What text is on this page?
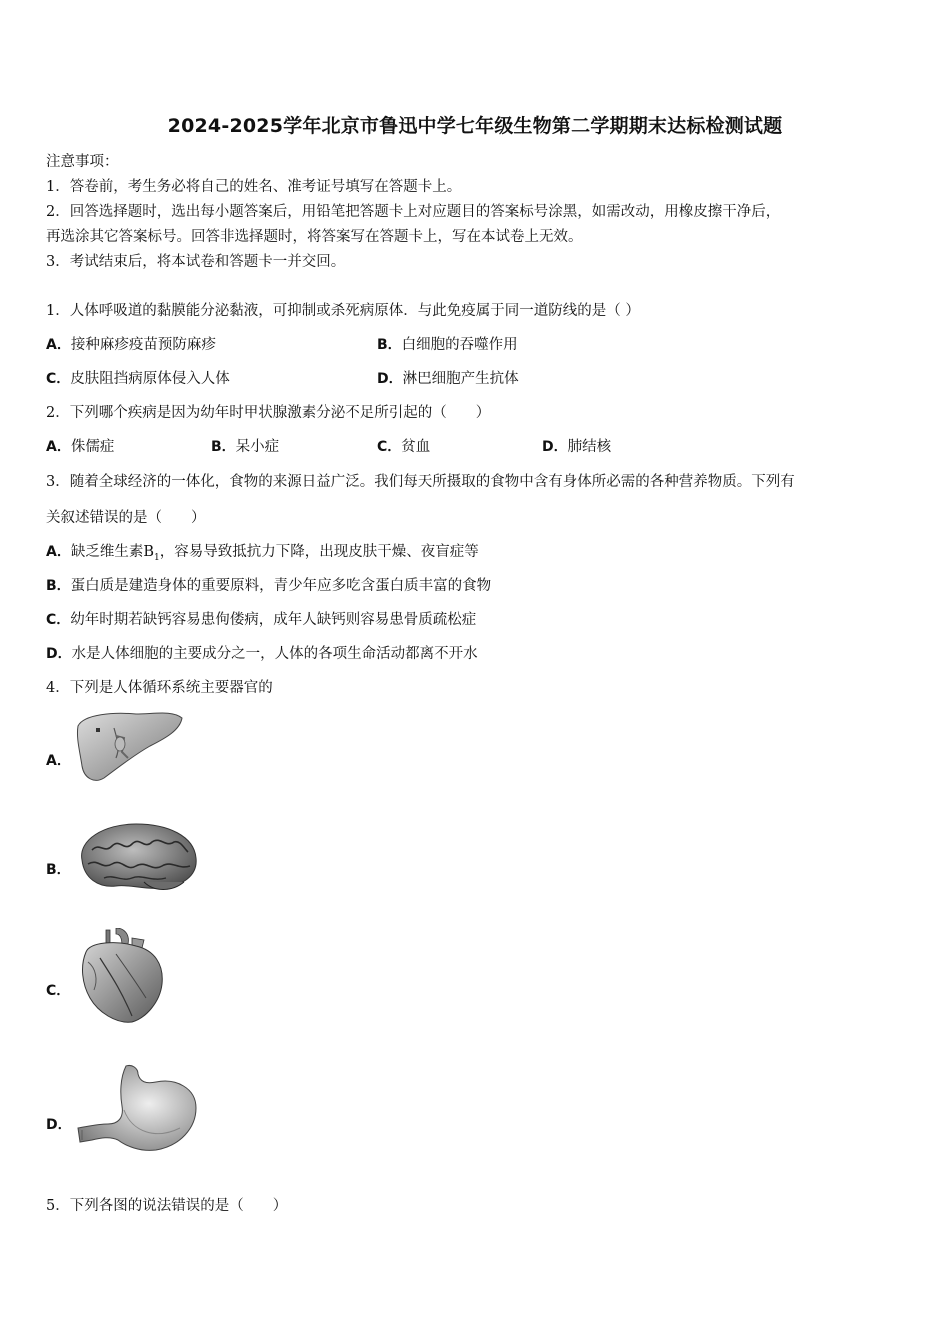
2024-2025学年北京市鲁迅中学七年级生物第二学期期末达标检测试题
注意事项：
1．答卷前，考生务必将自己的姓名、准考证号填写在答题卡上。
2．回答选择题时，选出每小题答案后，用铅笔把答题卡上对应题目的答案标号涂黑，如需改动，用橡皮擦干净后，
再选涂其它答案标号。回答非选择题时，将答案写在答题卡上，写在本试卷上无效。
3．考试结束后，将本试卷和答题卡一并交回。
1．人体呼吸道的黏膜能分泌黏液，可抑制或杀死病原体．与此免疫属于同一道防线的是（ ）
A．接种麻疹疫苗预防麻疹	B．白细胞的吞噬作用
C．皮肤阻挡病原体侵入人体	D．淋巴细胞产生抗体
2．下列哪个疾病是因为幼年时甲状腺激素分泌不足所引起的（　　）
A．侏儒症	B．呆小症	C．贫血	D．肺结核
3．随着全球经济的一体化，食物的来源日益广泛。我们每天所摄取的食物中含有身体所必需的各种营养物质。下列有
关叙述错误的是（　　）
A．缺乏维生素$B_1$，容易导致抵抗力下降，出现皮肤干燥、夜盲症等
B．蛋白质是建造身体的重要原料，青少年应多吃含蛋白质丰富的食物
C．幼年时期若缺钙容易患佝偻病，成年人缺钙则容易患骨质疏松症
D．水是人体细胞的主要成分之一，人体的各项生命活动都离不开水
4．下列是人体循环系统主要器官的
A．
B．
C．
D．
5．下列各图的说法错误的是（　　）
